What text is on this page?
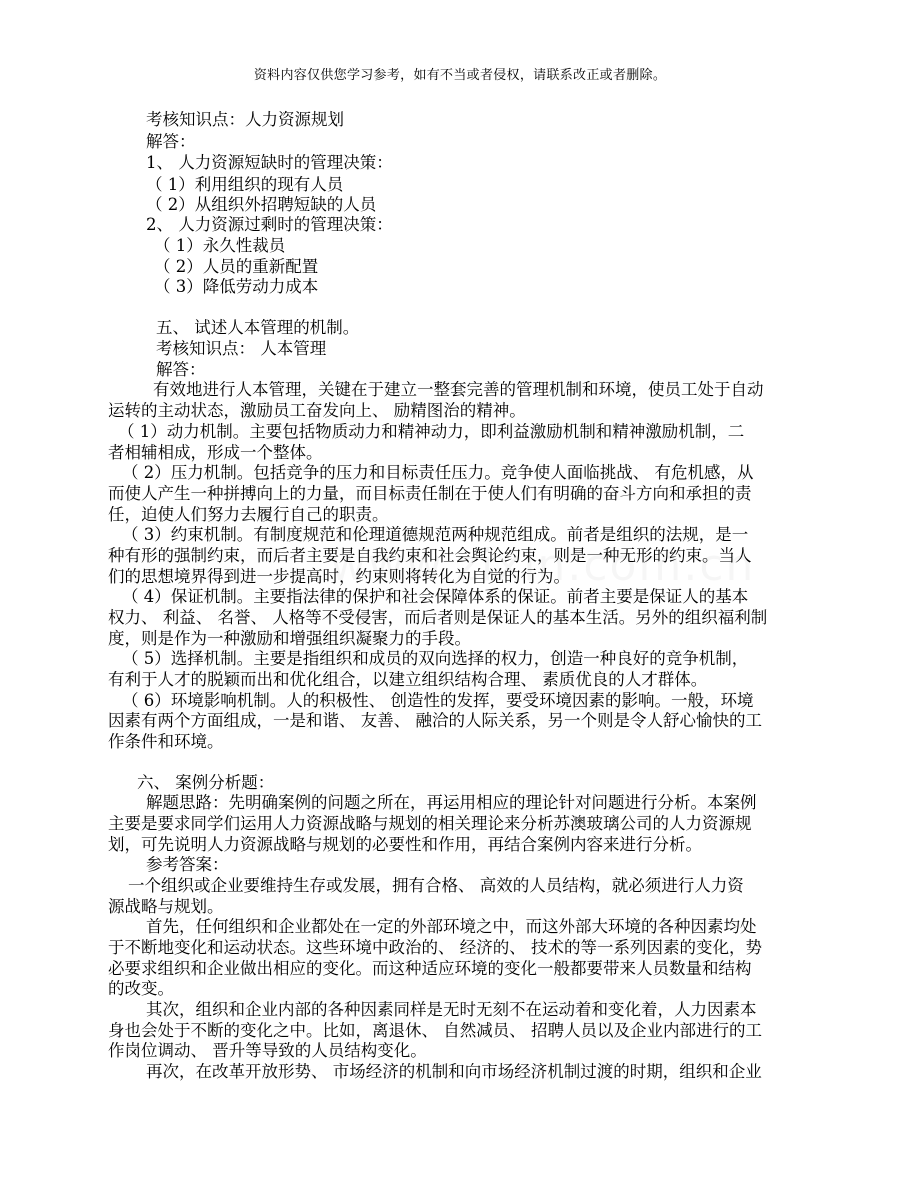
资料内容仅供您学习参考，如有不当或者侵权，请联系改正或者删除。
考核知识点：人力资源规划
解答：
1、 人力资源短缺时的管理决策：
（ 1）利用组织的现有人员
（ 2）从组织外招聘短缺的人员
2、 人力资源过剩时的管理决策：
（ 1）永久性裁员
（ 2）人员的重新配置
（ 3）降低劳动力成本
五、 试述人本管理的机制。
考核知识点： 人本管理
解答：
有效地进行人本管理，关键在于建立一整套完善的管理机制和环境，使员工处于自动
运转的主动状态，激励员工奋发向上、 励精图治的精神。
（ 1）动力机制。主要包括物质动力和精神动力，即利益激励机制和精神激励机制，二
者相辅相成，形成一个整体。
（ 2）压力机制。包括竞争的压力和目标责任压力。竞争使人面临挑战、 有危机感，从
而使人产生一种拼搏向上的力量，而目标责任制在于使人们有明确的奋斗方向和承担的责
任，迫使人们努力去履行自己的职责。
（ 3）约束机制。有制度规范和伦理道德规范两种规范组成。前者是组织的法规，是一
种有形的强制约束，而后者主要是自我约束和社会舆论约束，则是一种无形的约束。当人
们的思想境界得到进一步提高时，约束则将转化为自觉的行为。
（ 4）保证机制。主要指法律的保护和社会保障体系的保证。前者主要是保证人的基本
权力、 利益、 名誉、 人格等不受侵害，而后者则是保证人的基本生活。另外的组织福利制
度，则是作为一种激励和增强组织凝聚力的手段。
（ 5）选择机制。主要是指组织和成员的双向选择的权力，创造一种良好的竞争机制，
有利于人才的脱颖而出和优化组合，以建立组织结构合理、 素质优良的人才群体。
（ 6）环境影响机制。人的积极性、 创造性的发挥，要受环境因素的影响。一般，环境
因素有两个方面组成，一是和谐、 友善、 融洽的人际关系，另一个则是令人舒心愉快的工
作条件和环境。
六、 案例分析题：
解题思路：先明确案例的问题之所在，再运用相应的理论针对问题进行分析。本案例
主要是要求同学们运用人力资源战略与规划的相关理论来分析苏澳玻璃公司的人力资源规
划，可先说明人力资源战略与规划的必要性和作用，再结合案例内容来进行分析。
参考答案：
一个组织或企业要维持生存或发展，拥有合格、 高效的人员结构，就必须进行人力资
源战略与规划。
首先，任何组织和企业都处在一定的外部环境之中，而这外部大环境的各种因素均处
于不断地变化和运动状态。这些环境中政治的、 经济的、 技术的等一系列因素的变化，势
必要求组织和企业做出相应的变化。而这种适应环境的变化一般都要带来人员数量和结构
的改变。
其次，组织和企业内部的各种因素同样是无时无刻不在运动着和变化着，人力因素本
身也会处于不断的变化之中。比如，离退休、 自然减员、 招聘人员以及企业内部进行的工
作岗位调动、 晋升等导致的人员结构变化。
再次，在改革开放形势、 市场经济的机制和向市场经济机制过渡的时期，组织和企业
